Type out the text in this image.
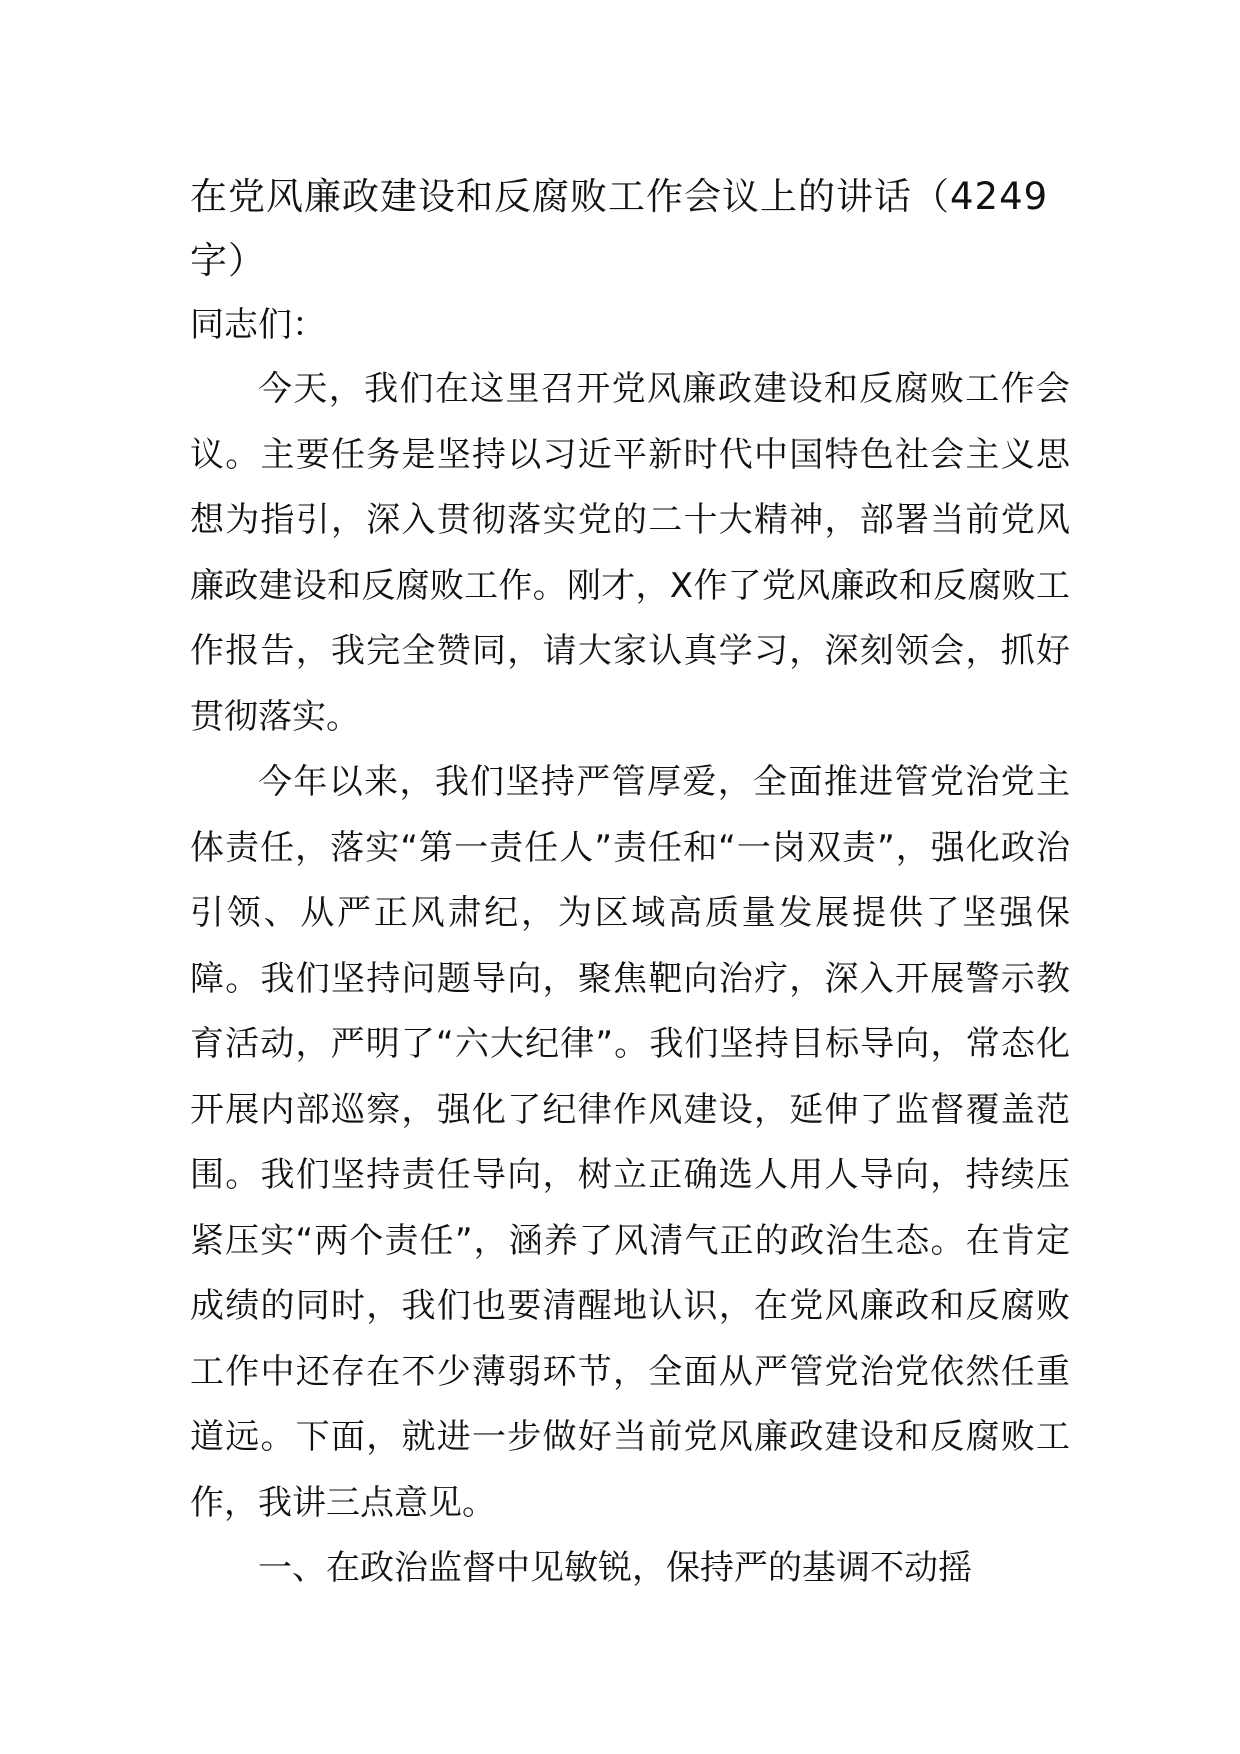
在党风廉政建设和反腐败工作会议上的讲话（4249字）

同志们：

今天，我们在这里召开党风廉政建设和反腐败工作会议。主要任务是坚持以习近平新时代中国特色社会主义思想为指引，深入贯彻落实党的二十大精神，部署当前党风廉政建设和反腐败工作。刚才，X作了党风廉政和反腐败工作报告，我完全赞同，请大家认真学习，深刻领会，抓好贯彻落实。

今年以来，我们坚持严管厚爱，全面推进管党治党主体责任，落实“第一责任人”责任和“一岗双责”，强化政治引领、从严正风肃纪，为区域高质量发展提供了坚强保障。我们坚持问题导向，聚焦靶向治疗，深入开展警示教育活动，严明了“六大纪律”。我们坚持目标导向，常态化开展内部巡察，强化了纪律作风建设，延伸了监督覆盖范围。我们坚持责任导向，树立正确选人用人导向，持续压紧压实“两个责任”，涵养了风清气正的政治生态。在肯定成绩的同时，我们也要清醒地认识，在党风廉政和反腐败工作中还存在不少薄弱环节，全面从严管党治党依然任重道远。下面，就进一步做好当前党风廉政建设和反腐败工作，我讲三点意见。

一、在政治监督中见敏锐，保持严的基调不动摇
